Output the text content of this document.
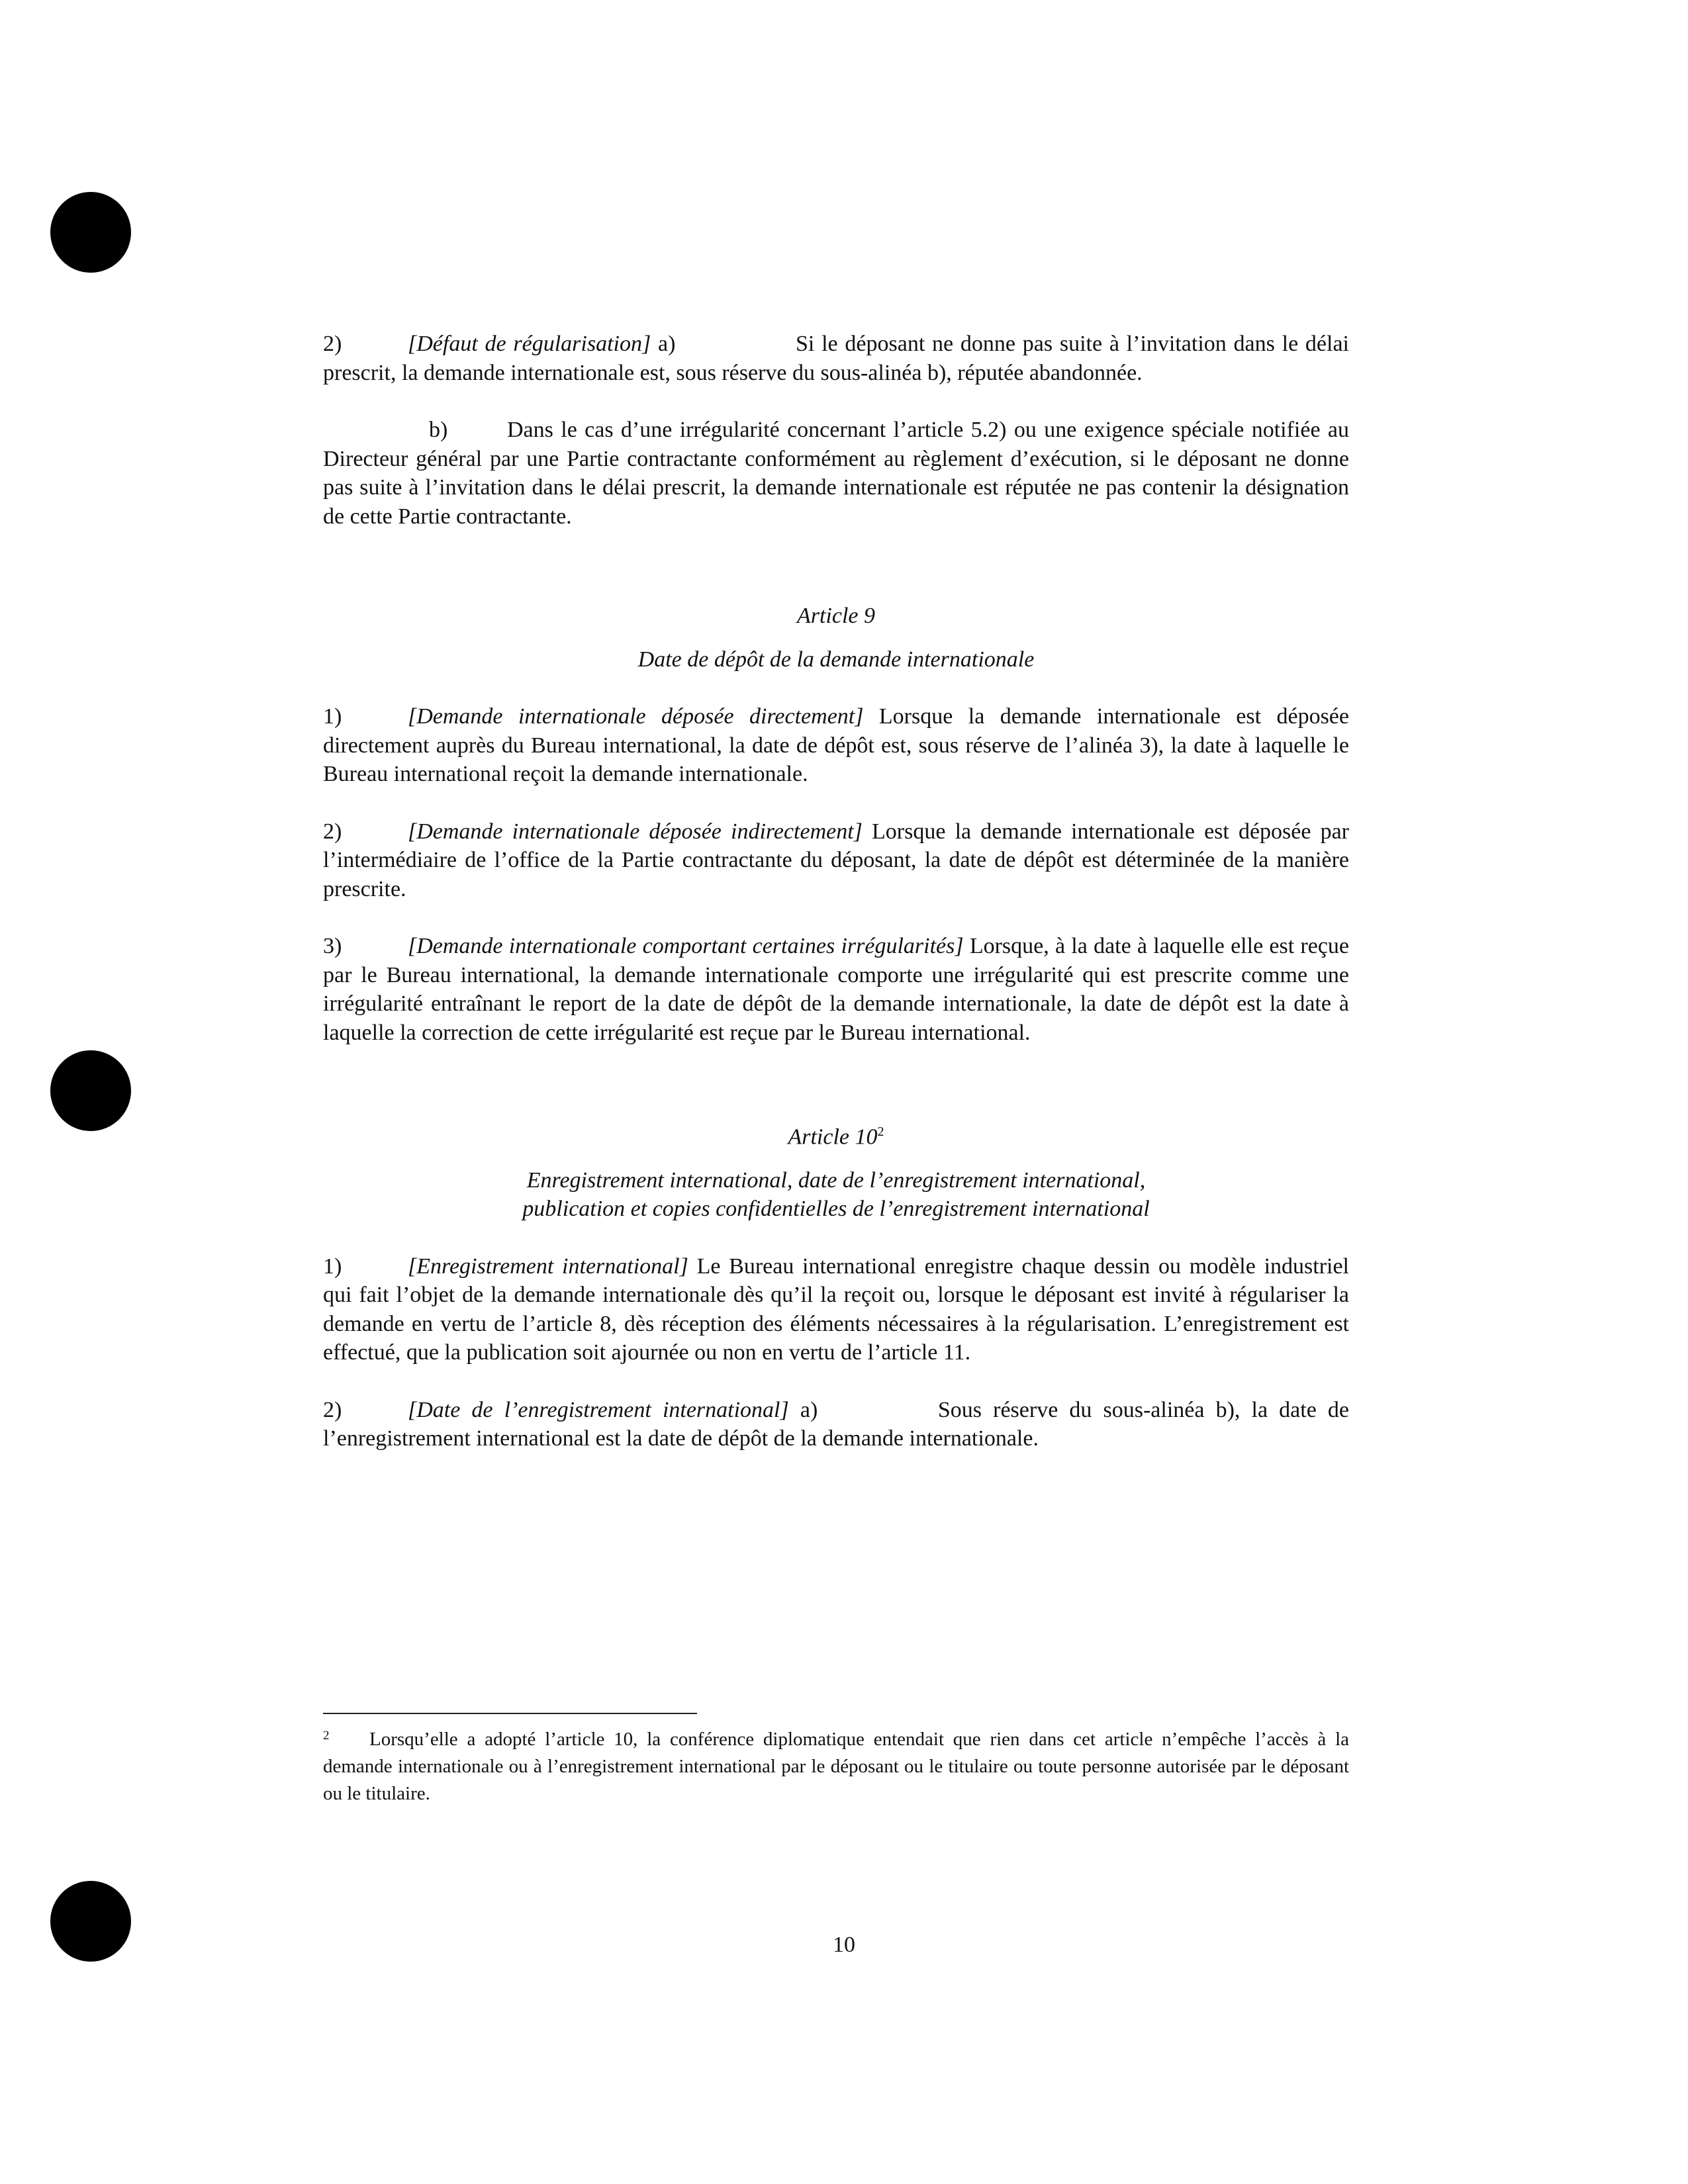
2)	[Défaut de régularisation] a)	Si le déposant ne donne pas suite à l’invitation dans le délai prescrit, la demande internationale est, sous réserve du sous-alinéa b), réputée abandonnée.

b)	Dans le cas d’une irrégularité concernant l’article 5.2) ou une exigence spéciale notifiée au Directeur général par une Partie contractante conformément au règlement d’exécution, si le déposant ne donne pas suite à l’invitation dans le délai prescrit, la demande internationale est réputée ne pas contenir la désignation de cette Partie contractante.

Article 9

Date de dépôt de la demande internationale

1)	[Demande internationale déposée directement] Lorsque la demande internationale est déposée directement auprès du Bureau international, la date de dépôt est, sous réserve de l’alinéa 3), la date à laquelle le Bureau international reçoit la demande internationale.

2)	[Demande internationale déposée indirectement] Lorsque la demande internationale est déposée par l’intermédiaire de l’office de la Partie contractante du déposant, la date de dépôt est déterminée de la manière prescrite.

3)	[Demande internationale comportant certaines irrégularités] Lorsque, à la date à laquelle elle est reçue par le Bureau international, la demande internationale comporte une irrégularité qui est prescrite comme une irrégularité entraînant le report de la date de dépôt de la demande internationale, la date de dépôt est la date à laquelle la correction de cette irrégularité est reçue par le Bureau international.

Article 10$^2$

Enregistrement international, date de l’enregistrement international,

publication et copies confidentielles de l’enregistrement international

1)	[Enregistrement international] Le Bureau international enregistre chaque dessin ou modèle industriel qui fait l’objet de la demande internationale dès qu’il la reçoit ou, lorsque le déposant est invité à régulariser la demande en vertu de l’article 8, dès réception des éléments nécessaires à la régularisation. L’enregistrement est effectué, que la publication soit ajournée ou non en vertu de l’article 11.

2)	[Date de l’enregistrement international] a)	Sous réserve du sous-alinéa b), la date de l’enregistrement international est la date de dépôt de la demande internationale.

2 Lorsqu’elle a adopté l’article 10, la conférence diplomatique entendait que rien dans cet article n’empêche l’accès à la demande internationale ou à l’enregistrement international par le déposant ou le titulaire ou toute personne autorisée par le déposant ou le titulaire.

10
